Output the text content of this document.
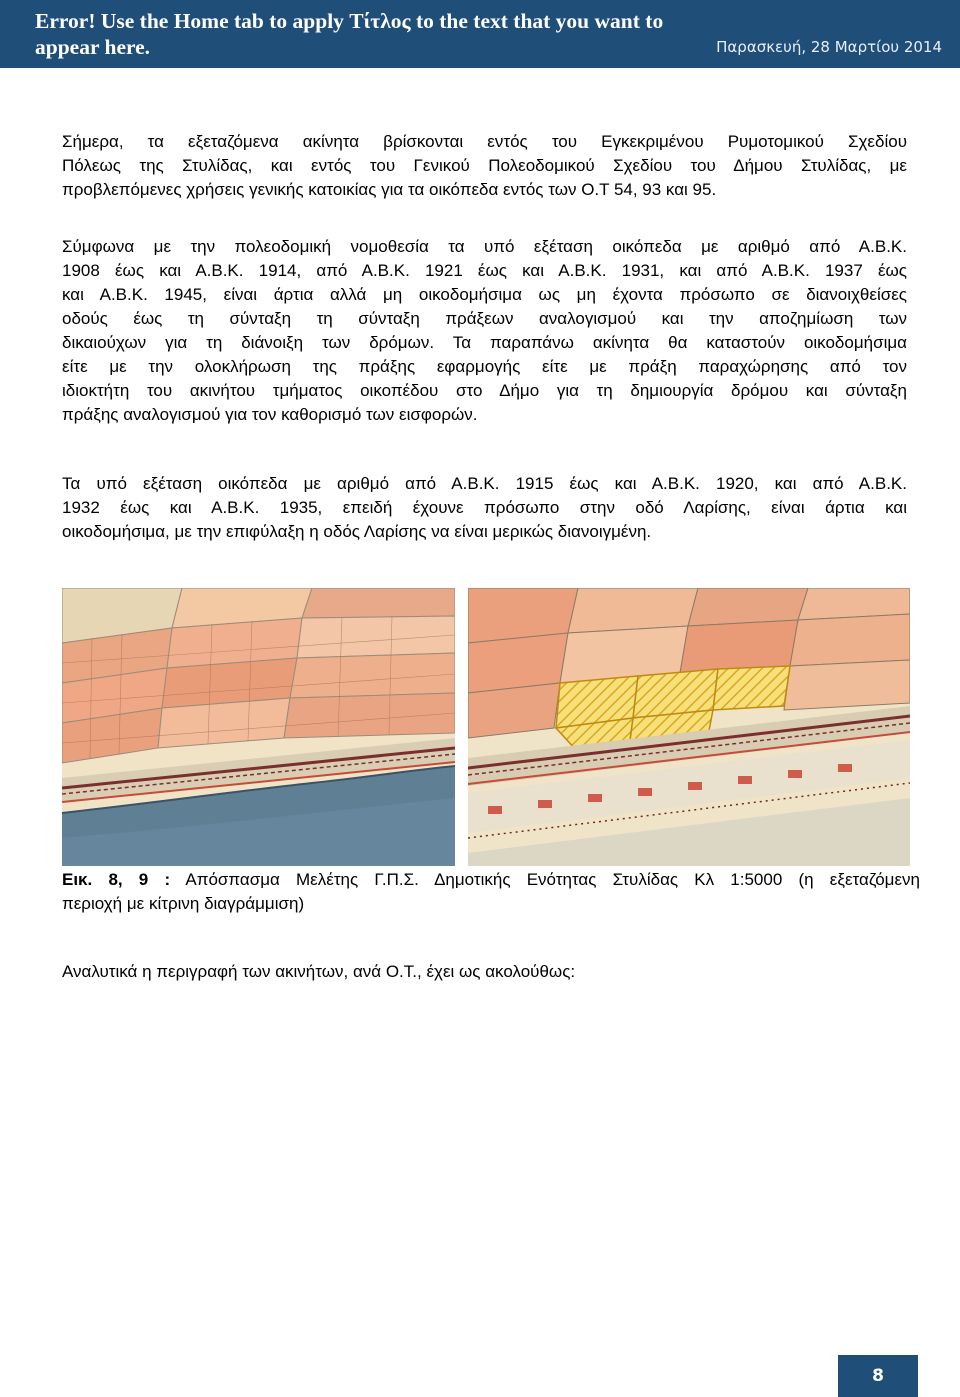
Error! Use the Home tab to apply Τίτλος to the text that you want to appear here.	Παρασκευή, 28 Μαρτίου 2014
Σήμερα, τα εξεταζόμενα ακίνητα βρίσκονται εντός του Εγκεκριμένου Ρυμοτομικού Σχεδίου
Πόλεως της Στυλίδας, και εντός του Γενικού Πολεοδομικού Σχεδίου του Δήμου Στυλίδας, με
προβλεπόμενες χρήσεις γενικής κατοικίας για τα οικόπεδα εντός των Ο.Τ 54, 93 και 95.
Σύμφωνα με την πολεοδομική νομοθεσία τα υπό εξέταση οικόπεδα με αριθμό από Α.Β.Κ.
1908 έως και Α.Β.Κ. 1914, από Α.Β.Κ. 1921 έως και Α.Β.Κ. 1931, και από Α.Β.Κ. 1937 έως
και Α.Β.Κ. 1945, είναι άρτια αλλά μη οικοδομήσιμα ως μη έχοντα πρόσωπο σε διανοιχθείσες
οδούς έως τη σύνταξη τη σύνταξη πράξεων αναλογισμού και την αποζημίωση των
δικαιούχων για τη διάνοιξη των δρόμων. Τα παραπάνω ακίνητα θα καταστούν οικοδομήσιμα
είτε με την ολοκλήρωση της πράξης εφαρμογής είτε με πράξη παραχώρησης από τον
ιδιοκτήτη του ακινήτου τμήματος οικοπέδου στο Δήμο για τη δημιουργία δρόμου και σύνταξη
πράξης αναλογισμού για τον καθορισμό των εισφορών.
Τα υπό εξέταση οικόπεδα με αριθμό από Α.Β.Κ. 1915 έως και Α.Β.Κ. 1920, και από Α.Β.Κ.
1932 έως και Α.Β.Κ. 1935, επειδή έχουνε πρόσωπο στην οδό Λαρίσης, είναι άρτια και
οικοδομήσιμα, με την επιφύλαξη η οδός Λαρίσης να είναι μερικώς διανοιγμένη.
Εικ. 8, 9 : Απόσπασμα Μελέτης Γ.Π.Σ. Δημοτικής Ενότητας Στυλίδας Κλ 1:5000 (η εξεταζόμενη
περιοχή με κίτρινη διαγράμμιση)
Αναλυτικά η περιγραφή των ακινήτων, ανά Ο.Τ., έχει ως ακολούθως:
8
